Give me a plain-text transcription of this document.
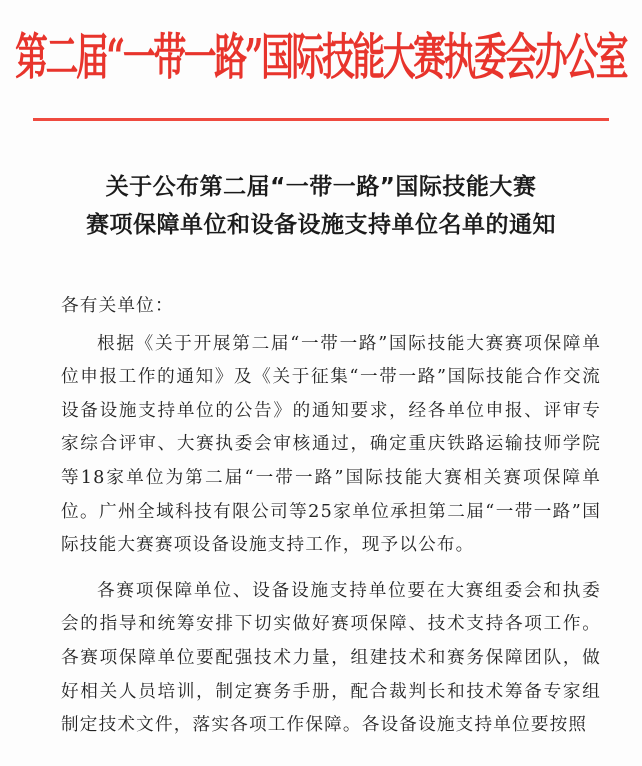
第二届“一带一路”国际技能大赛执委会办公室
关于公布第二届“一带一路”国际技能大赛
赛项保障单位和设备设施支持单位名单的通知

各有关单位：

根据《关于开展第二届“一带一路”国际技能大赛赛项保障单位申报工作的通知》及《关于征集“一带一路”国际技能合作交流设备设施支持单位的公告》的通知要求，经各单位申报、评审专家综合评审、大赛执委会审核通过，确定重庆铁路运输技师学院等18家单位为第二届“一带一路”国际技能大赛相关赛项保障单位。广州全域科技有限公司等25家单位承担第二届“一带一路”国际技能大赛赛项设备设施支持工作，现予以公布。

各赛项保障单位、设备设施支持单位要在大赛组委会和执委会的指导和统筹安排下切实做好赛项保障、技术支持各项工作。各赛项保障单位要配强技术力量，组建技术和赛务保障团队，做好相关人员培训，制定赛务手册，配合裁判长和技术筹备专家组制定技术文件，落实各项工作保障。各设备设施支持单位要按照
